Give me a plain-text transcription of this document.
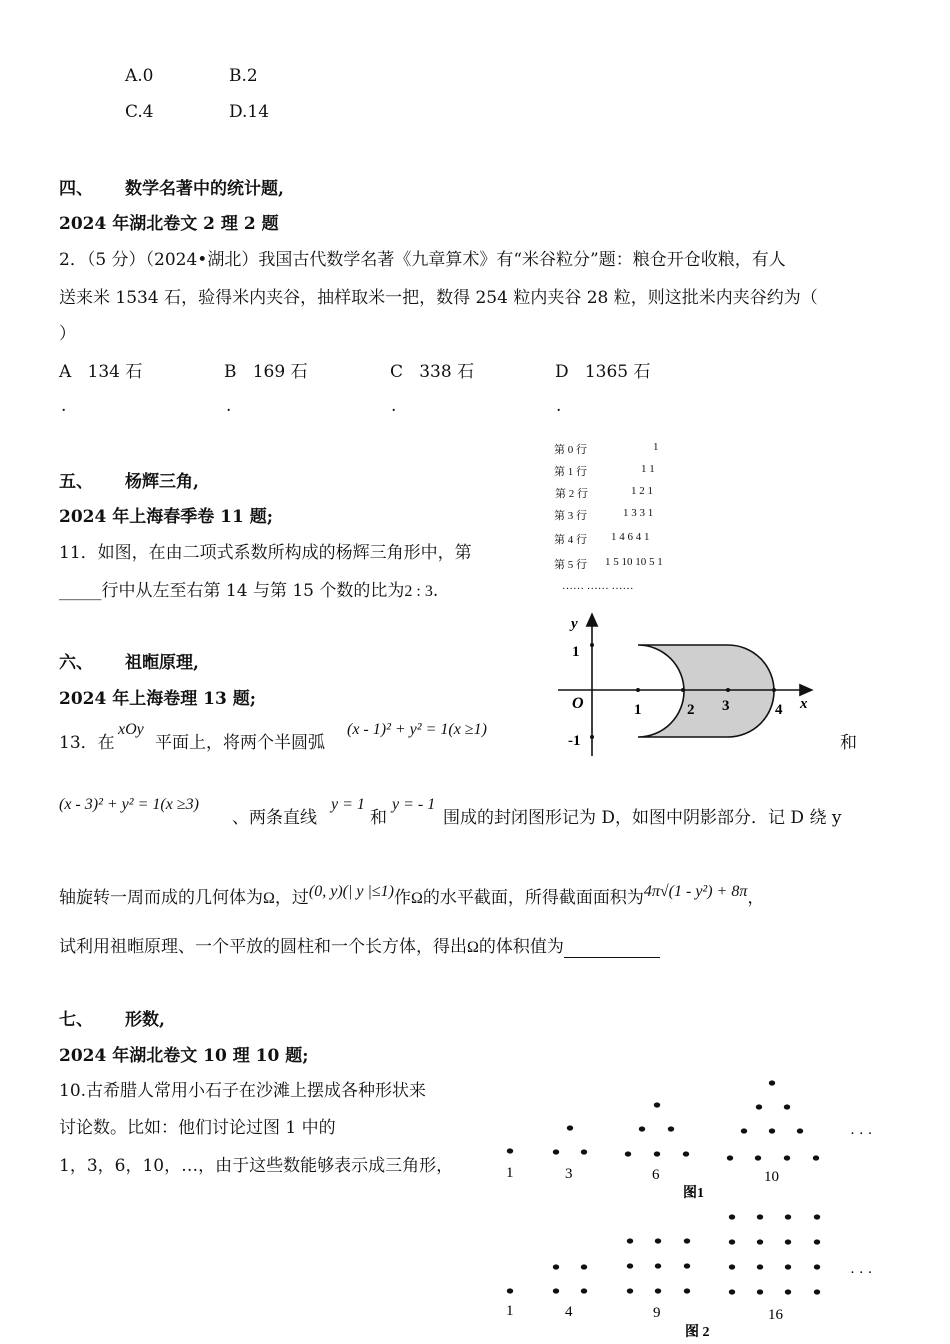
A.0	B.2
C.4	D.14
四、 数学名著中的统计题,
2024 年湖北卷文 2 理 2 题
2．（5 分）（2024•湖北）我国古代数学名著《九章算术》有“米谷粒分”题：粮仓开仓收粮，有人
送来米 1534 石，验得米内夹谷，抽样取米一把，数得 254 粒内夹谷 28 粒，则这批米内夹谷约为（
）
A 134 石
.
B 169 石
.
C 338 石
.
D 1365 石
.
五、 杨辉三角,
2024 年上海春季卷 11 题;
11．如图，在由二项式系数所构成的杨辉三角形中，第
_____行中从左至右第 14 与第 15 个数的比为2 : 3.
第 0 行	1
第 1 行	1 1
第 2 行	1 2 1
第 3 行	1 3 3 1
第 4 行 1 4 6 4 1
第 5 行 1 5 10 10 5 1
…… …… ……
y
x
O
1
-1
1	2 3	4
六、 祖暅原理,
2024 年上海卷理 13 题;
13．在
xOy
平面上，将两个半圆弧
(x - 1)² + y² = 1(x ≥1)
和
(x - 3)² + y² = 1(x ≥3)
、两条直线
y = 1
和
y = - 1
围成的封闭图形记为 D，如图中阴影部分．记 D 绕 y
轴旋转一周而成的几何体为Ω，过(0, y)(| y |≤1)作Ω的水平截面，所得截面面积为4π√(1 - y²) + 8π，
试利用祖暅原理、一个平放的圆柱和一个长方体，得出Ω的体积值为
七、 形数,
2024 年湖北卷文 10 理 10 题;
10.古希腊人常用小石子在沙滩上摆成各种形状来
讨论数。比如：他们讨论过图 1 中的
1，3，6，10，…，由于这些数能够表示成三角形，
· · ·
1	3	6	10
图1
· · ·
1	4	9	16
图 2
